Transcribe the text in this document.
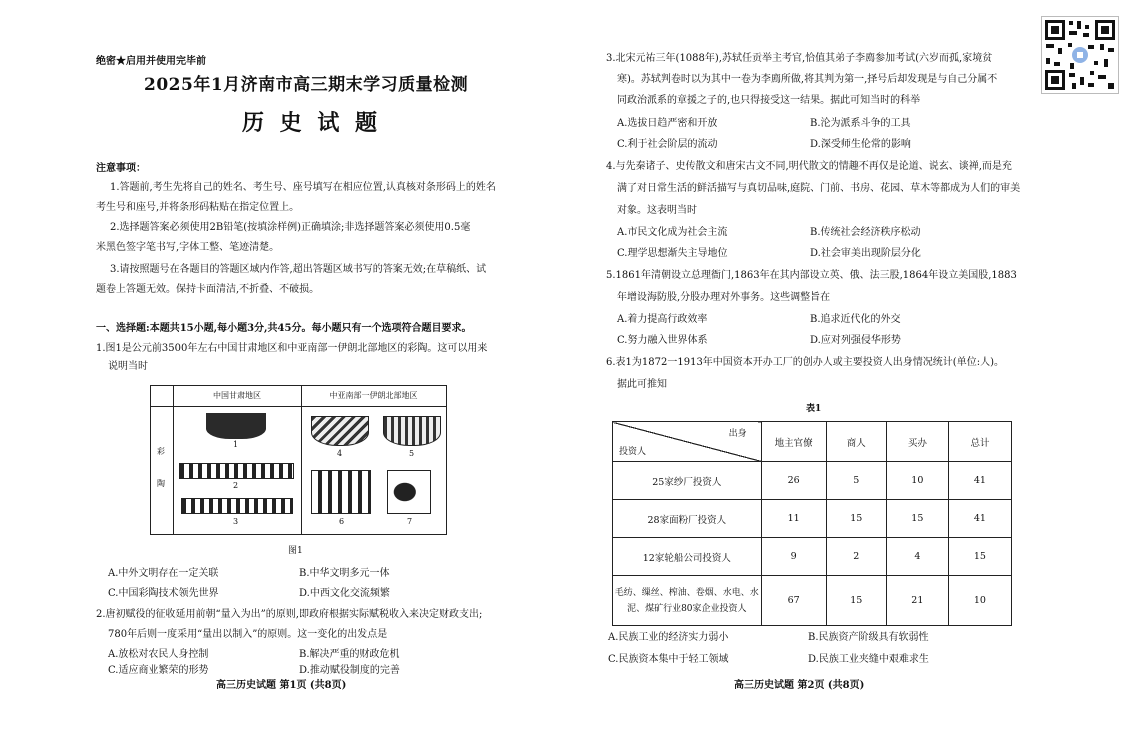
绝密★启用并使用完毕前
2025年1月济南市高三期末学习质量检测
历 史 试 题
注意事项：
1.答题前,考生先将自己的姓名、考生号、座号填写在相应位置,认真核对条形码上的姓名
考生号和座号,并将条形码粘贴在指定位置上。
2.选择题答案必须使用2B铅笔(按填涂样例)正确填涂;非选择题答案必须使用0.5毫
米黑色签字笔书写,字体工整、笔迹清楚。
3.请按照题号在各题目的答题区域内作答,超出答题区域书写的答案无效;在草稿纸、试
题卷上答题无效。保持卡面清洁,不折叠、不破损。
一、选择题:本题共15小题,每小题3分,共45分。每小题只有一个选项符合题目要求。
1.图1是公元前3500年左右中国甘肃地区和中亚南部一伊朗北部地区的彩陶。这可以用来
说明当时
中国甘肃地区	中亚南部一伊朗北部地区
彩
陶
1
2
3
4	5
6	7
图1
A.中外文明存在一定关联	B.中华文明多元一体
C.中国彩陶技术领先世界	D.中西文化交流频繁
2.唐初赋役的征收延用前朝“量入为出”的原则,即政府根据实际赋税收入来决定财政支出;
780年后则一度采用“量出以制入”的原则。这一变化的出发点是
A.放松对农民人身控制	B.解决严重的财政危机
C.适应商业繁荣的形势	D.推动赋役制度的完善
高三历史试题 第1页 (共8页)
3.北宋元祐三年(1088年),苏轼任贡举主考官,恰值其弟子李廌参加考试(六岁而孤,家境贫
寒)。苏轼判卷时以为其中一卷为李廌所做,将其判为第一,择号后却发现是与自己分属不
同政治派系的章援之子的,也只得接受这一结果。据此可知当时的科举
A.选拔日趋严密和开放	B.沦为派系斗争的工具
C.利于社会阶层的流动	D.深受师生伦常的影响
4.与先秦诸子、史传散文和唐宋古文不同,明代散文的情趣不再仅是论道、说玄、谈禅,而是充
满了对日常生活的鲜活描写与真切品味,庭院、门前、书房、花园、草木等都成为人们的审美
对象。这表明当时
A.市民文化成为社会主流	B.传统社会经济秩序松动
C.理学思想渐失主导地位	D.社会审美出现阶层分化
5.1861年清朝设立总理衙门,1863年在其内部设立英、俄、法三股,1864年设立美国股,1883
年增设海防股,分股办理对外事务。这些调整旨在
A.着力提高行政效率	B.追求近代化的外交
C.努力融入世界体系	D.应对列强侵华形势
6.表1为1872一1913年中国资本开办工厂的创办人或主要投资人出身情况统计(单位:人)。
据此可推知
表1
出身
投资人	地主官僚	商人	买办	总计
25家纱厂投资人	26	5	10	41
28家面粉厂投资人	11	15	15	41
12家轮船公司投资人	9	2	4	15

毛纺、缫丝、榨油、卷烟、水电、水
泥、煤矿行业80家企业投资人	67	15	21	10
A.民族工业的经济实力弱小	B.民族资产阶级具有软弱性
C.民族资本集中于轻工领域	D.民族工业夹缝中艰难求生
高三历史试题 第2页 (共8页)
